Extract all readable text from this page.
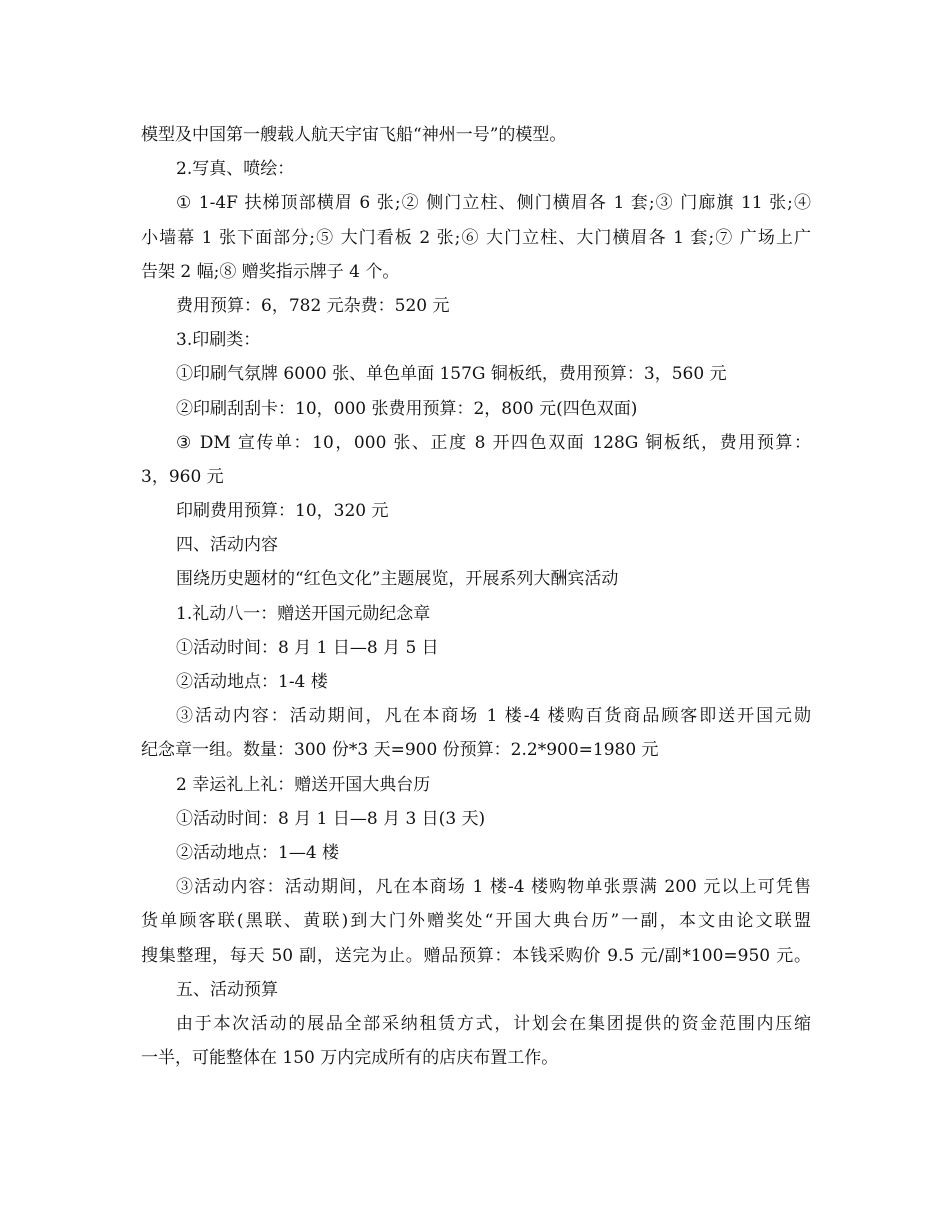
模型及中国第一艘载人航天宇宙飞船“神州一号”的模型。
2.写真、喷绘：
① 1-4F 扶梯顶部横眉 6 张;② 侧门立柱、侧门横眉各 1 套;③ 门廊旗 11 张;④
小墙幕 1 张下面部分;⑤ 大门看板 2 张;⑥ 大门立柱、大门横眉各 1 套;⑦ 广场上广
告架 2 幅;⑧ 赠奖指示牌子 4 个。
费用预算：6，782 元杂费：520 元
3.印刷类：
①印刷气氛牌 6000 张、单色单面 157G 铜板纸，费用预算：3，560 元
②印刷刮刮卡：10，000 张费用预算：2，800 元(四色双面)
③ DM 宣传单：10，000 张、正度 8 开四色双面 128G 铜板纸，费用预算：
3，960 元
印刷费用预算：10，320 元
四、活动内容
围绕历史题材的“红色文化”主题展览，开展系列大酬宾活动
1.礼动八一：赠送开国元勋纪念章
①活动时间：8 月 1 日—8 月 5 日
②活动地点：1-4 楼
③活动内容：活动期间，凡在本商场 1 楼-4 楼购百货商品顾客即送开国元勋
纪念章一组。数量：300 份*3 天=900 份预算：2.2*900=1980 元
2 幸运礼上礼：赠送开国大典台历
①活动时间：8 月 1 日—8 月 3 日(3 天)
②活动地点：1—4 楼
③活动内容：活动期间，凡在本商场 1 楼-4 楼购物单张票满 200 元以上可凭售
货单顾客联(黑联、黄联)到大门外赠奖处“开国大典台历”一副，本文由论文联盟
搜集整理，每天 50 副，送完为止。赠品预算：本钱采购价 9.5 元/副*100=950 元。
五、活动预算
由于本次活动的展品全部采纳租赁方式，计划会在集团提供的资金范围内压缩
一半，可能整体在 150 万内完成所有的店庆布置工作。
